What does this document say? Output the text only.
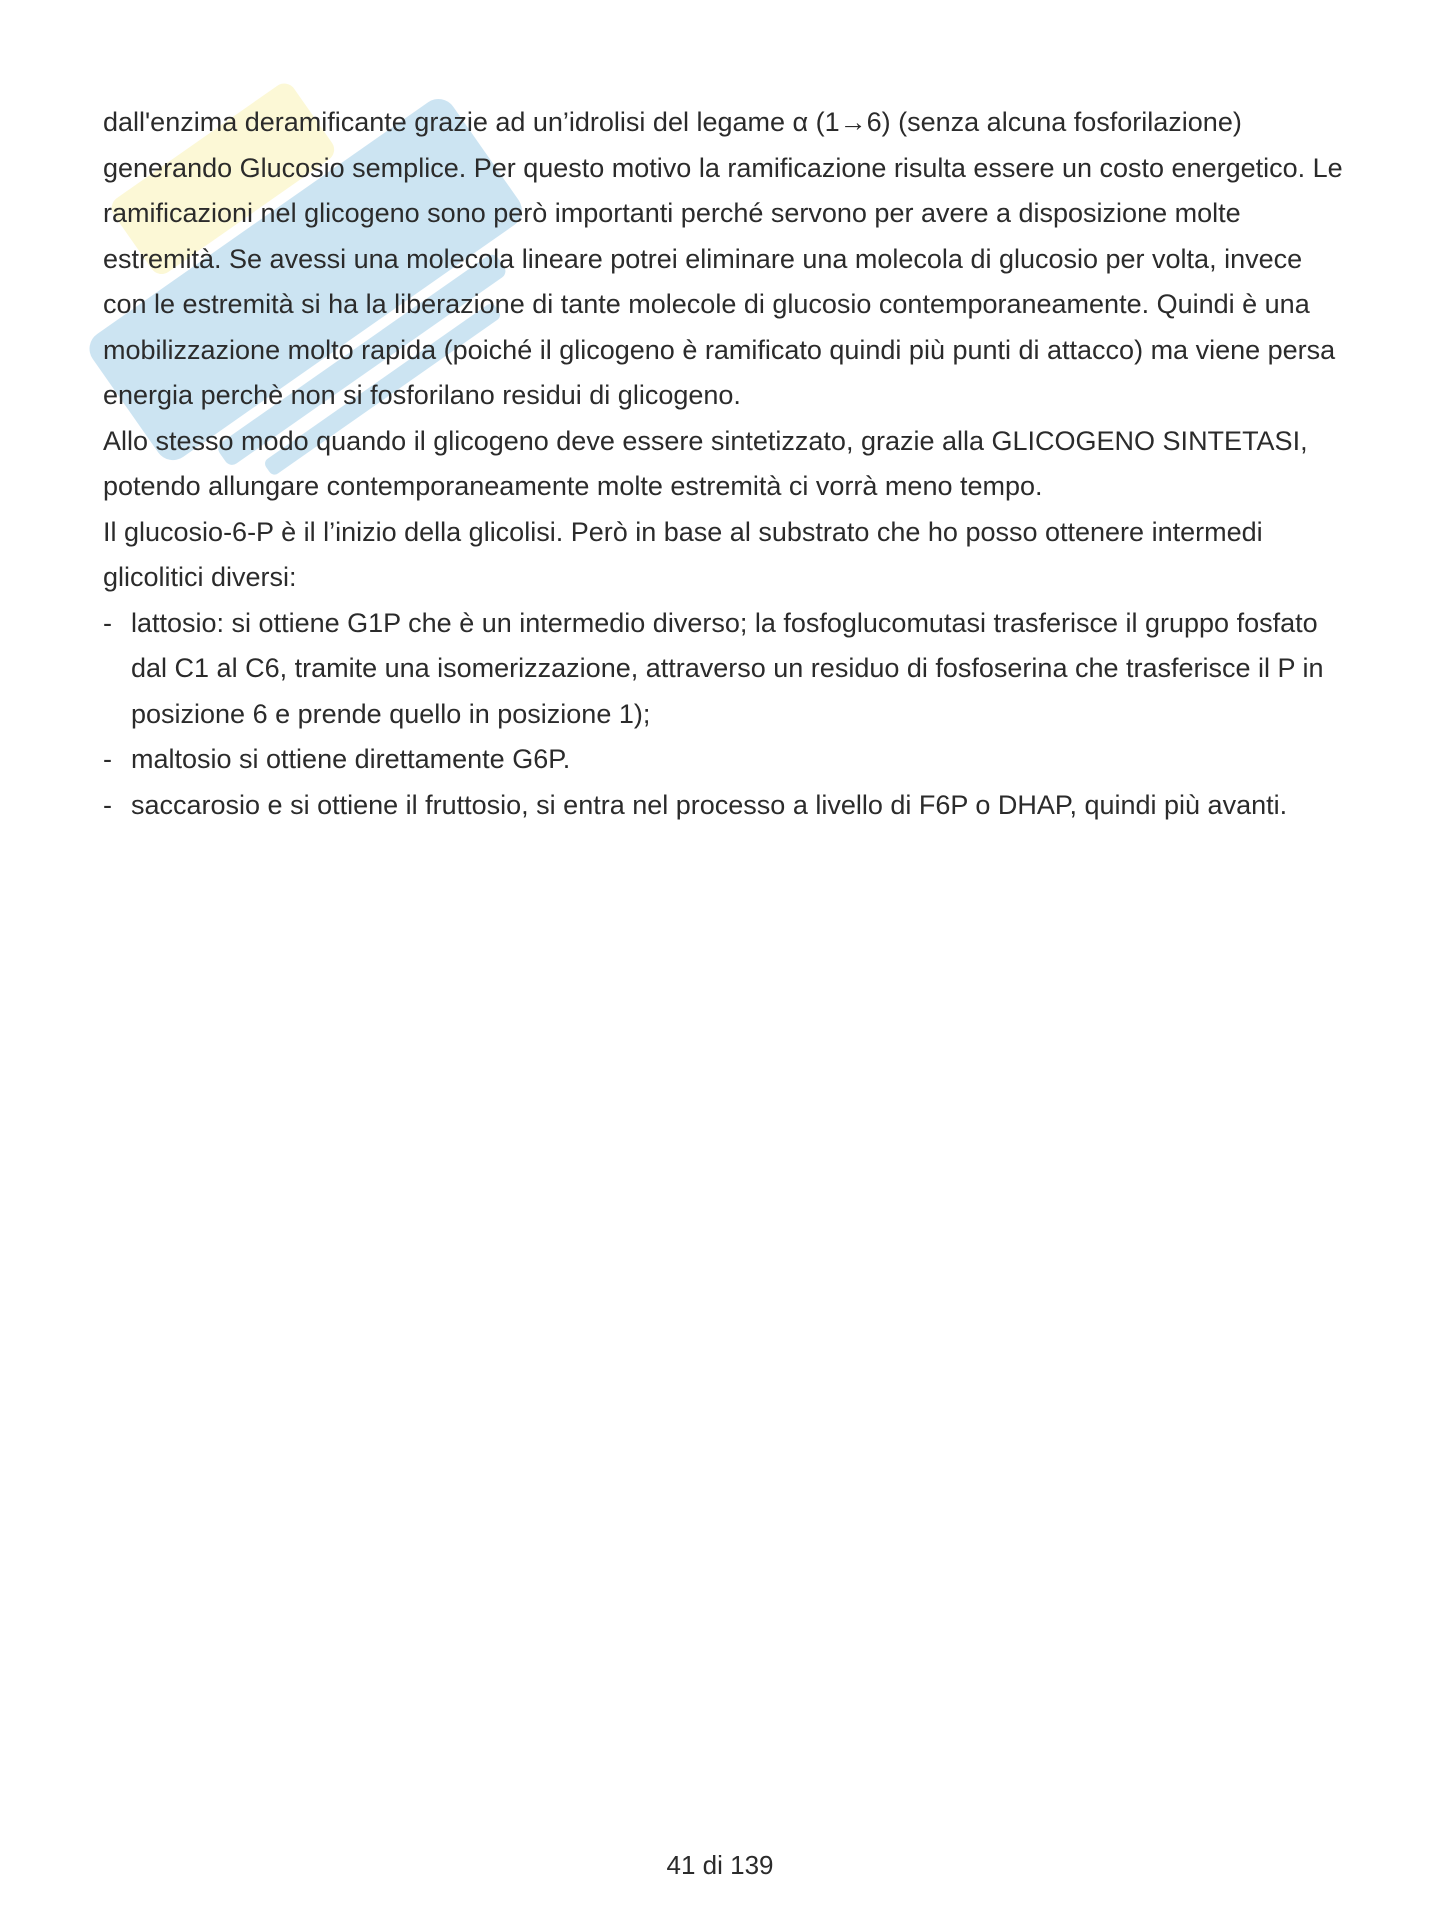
dall'enzima deramificante grazie ad un’idrolisi del legame α (1→6) (senza alcuna fosforilazione) generando Glucosio semplice. Per questo motivo la ramificazione risulta essere un costo energetico. Le ramificazioni nel glicogeno sono però importanti perché servono per avere a disposizione molte estremità. Se avessi una molecola lineare potrei eliminare una molecola di glucosio per volta, invece con le estremità si ha la liberazione di tante molecole di glucosio contemporaneamente. Quindi è una mobilizzazione molto rapida (poiché il glicogeno è ramificato quindi più punti di attacco) ma viene persa energia perchè non si fosforilano residui di glicogeno.

Allo stesso modo quando il glicogeno deve essere sintetizzato, grazie alla GLICOGENO SINTETASI, potendo allungare contemporaneamente molte estremità ci vorrà meno tempo.

Il glucosio-6-P è il l’inizio della glicolisi. Però in base al substrato che ho posso ottenere intermedi glicolitici diversi:

- lattosio: si ottiene G1P che è un intermedio diverso; la fosfoglucomutasi trasferisce il gruppo fosfato dal C1 al C6, tramite una isomerizzazione, attraverso un residuo di fosfoserina che trasferisce il P in posizione 6 e prende quello in posizione 1);
- maltosio si ottiene direttamente G6P.
- saccarosio e si ottiene il fruttosio, si entra nel processo a livello di F6P o DHAP, quindi più avanti.
41 di 139
